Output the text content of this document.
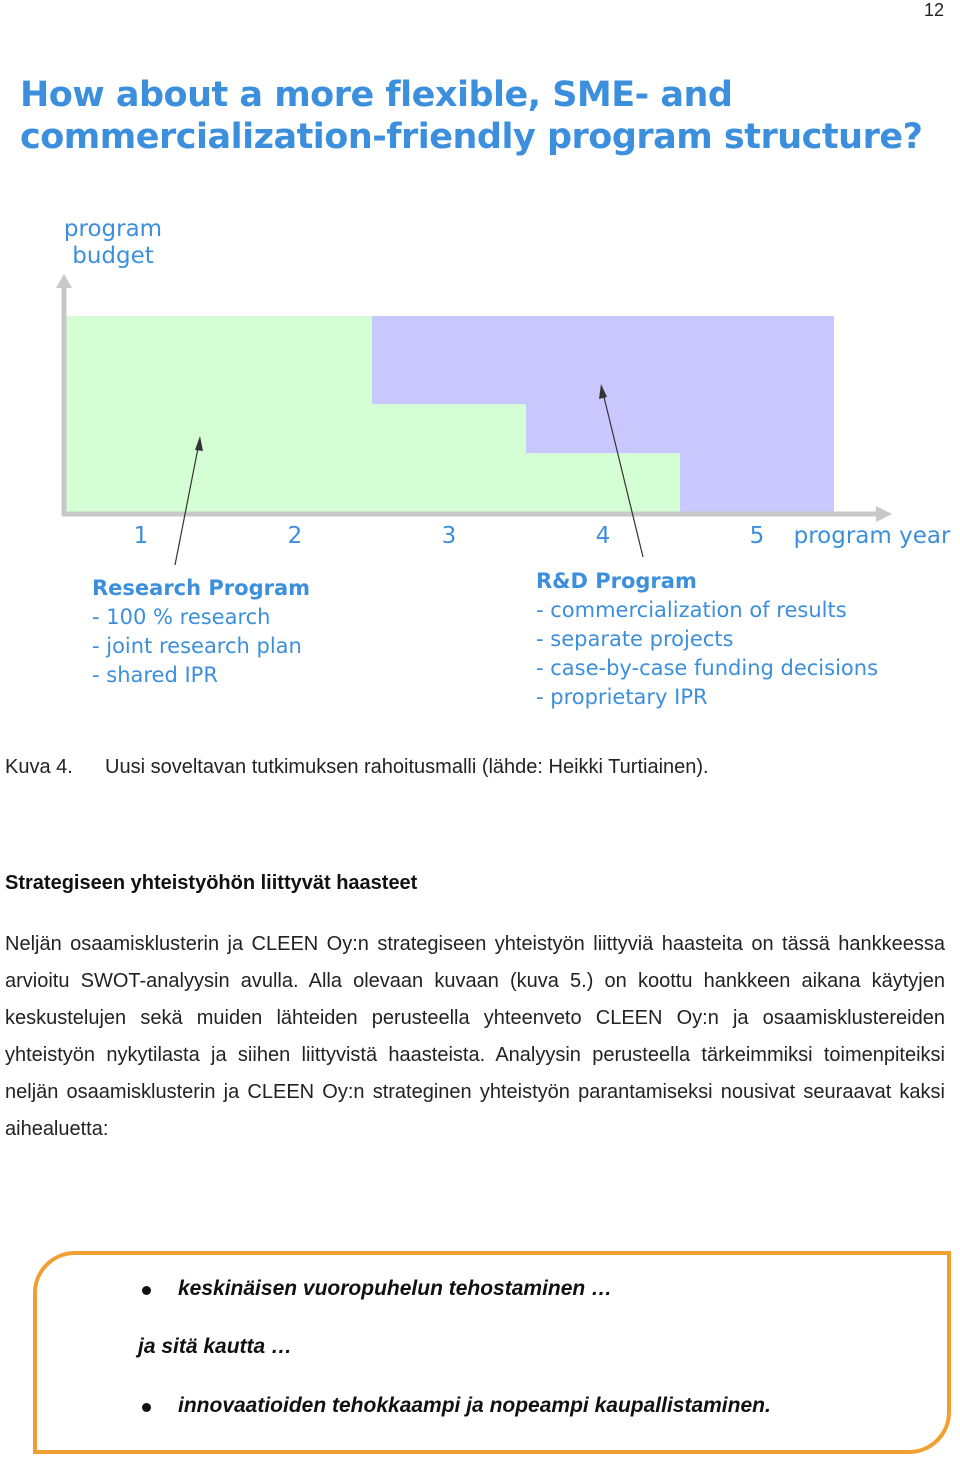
12
How about a more flexible, SME- and
commercialization-friendly program structure?
program
budget
1	2	3	4	5 program year
Research Program
- 100 % research
- joint research plan
- shared IPR
R&D Program
- commercialization of results
- separate projects
- case-by-case funding decisions
- proprietary IPR
Kuva 4. Uusi soveltavan tutkimuksen rahoitusmalli (lähde: Heikki Turtiainen).
Strategiseen yhteistyöhön liittyvät haasteet
Neljän osaamisklusterin ja CLEEN Oy:n strategiseen yhteistyön liittyviä haasteita on tässä hankkeessa arvioitu SWOT-analyysin avulla. Alla olevaan kuvaan (kuva 5.) on koottu hankkeen aikana käytyjen keskustelujen sekä muiden lähteiden perusteella yhteenveto CLEEN Oy:n ja osaamisklustereiden yhteistyön nykytilasta ja siihen liittyvistä haasteista. Analyysin perusteella tärkeimmiksi toimenpiteiksi neljän osaamisklusterin ja CLEEN Oy:n strateginen yhteistyön parantamiseksi nousivat seuraavat kaksi aihealuetta:
keskinäisen vuoropuhelun tehostaminen …
ja sitä kautta …
innovaatioiden tehokkaampi ja nopeampi kaupallistaminen.
